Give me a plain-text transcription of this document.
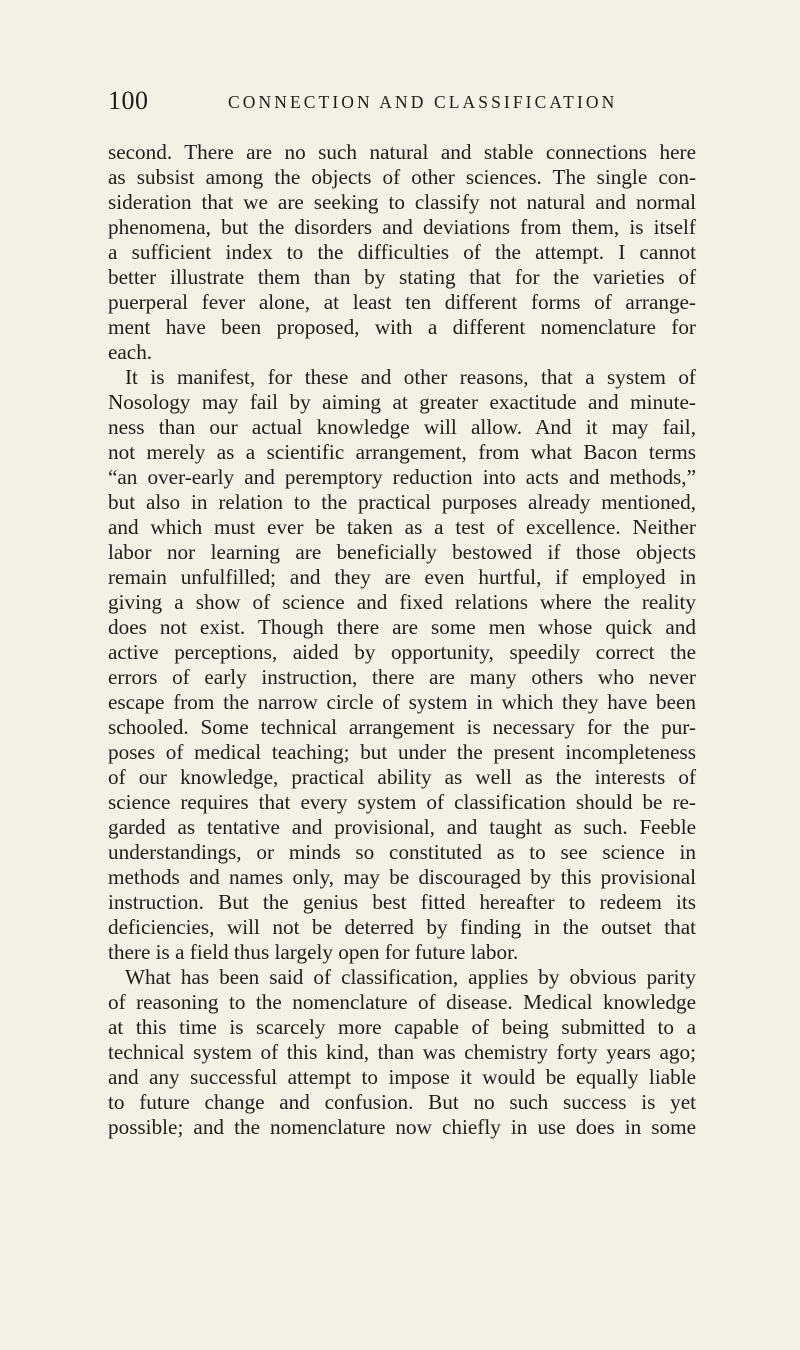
100	CONNECTION AND CLASSIFICATION
second. There are no such natural and stable connections here
as subsist among the objects of other sciences. The single con-
sideration that we are seeking to classify not natural and normal
phenomena, but the disorders and deviations from them, is itself
a sufficient index to the difficulties of the attempt. I cannot
better illustrate them than by stating that for the varieties of
puerperal fever alone, at least ten different forms of arrange-
ment have been proposed, with a different nomenclature for
each.
It is manifest, for these and other reasons, that a system of
Nosology may fail by aiming at greater exactitude and minute-
ness than our actual knowledge will allow. And it may fail,
not merely as a scientific arrangement, from what Bacon terms
“an over-early and peremptory reduction into acts and methods,”
but also in relation to the practical purposes already mentioned,
and which must ever be taken as a test of excellence. Neither
labor nor learning are beneficially bestowed if those objects
remain unfulfilled; and they are even hurtful, if employed in
giving a show of science and fixed relations where the reality
does not exist. Though there are some men whose quick and
active perceptions, aided by opportunity, speedily correct the
errors of early instruction, there are many others who never
escape from the narrow circle of system in which they have been
schooled. Some technical arrangement is necessary for the pur-
poses of medical teaching; but under the present incompleteness
of our knowledge, practical ability as well as the interests of
science requires that every system of classification should be re-
garded as tentative and provisional, and taught as such. Feeble
understandings, or minds so constituted as to see science in
methods and names only, may be discouraged by this provisional
instruction. But the genius best fitted hereafter to redeem its
deficiencies, will not be deterred by finding in the outset that
there is a field thus largely open for future labor.
What has been said of classification, applies by obvious parity
of reasoning to the nomenclature of disease. Medical knowledge
at this time is scarcely more capable of being submitted to a
technical system of this kind, than was chemistry forty years ago;
and any successful attempt to impose it would be equally liable
to future change and confusion. But no such success is yet
possible; and the nomenclature now chiefly in use does in some
